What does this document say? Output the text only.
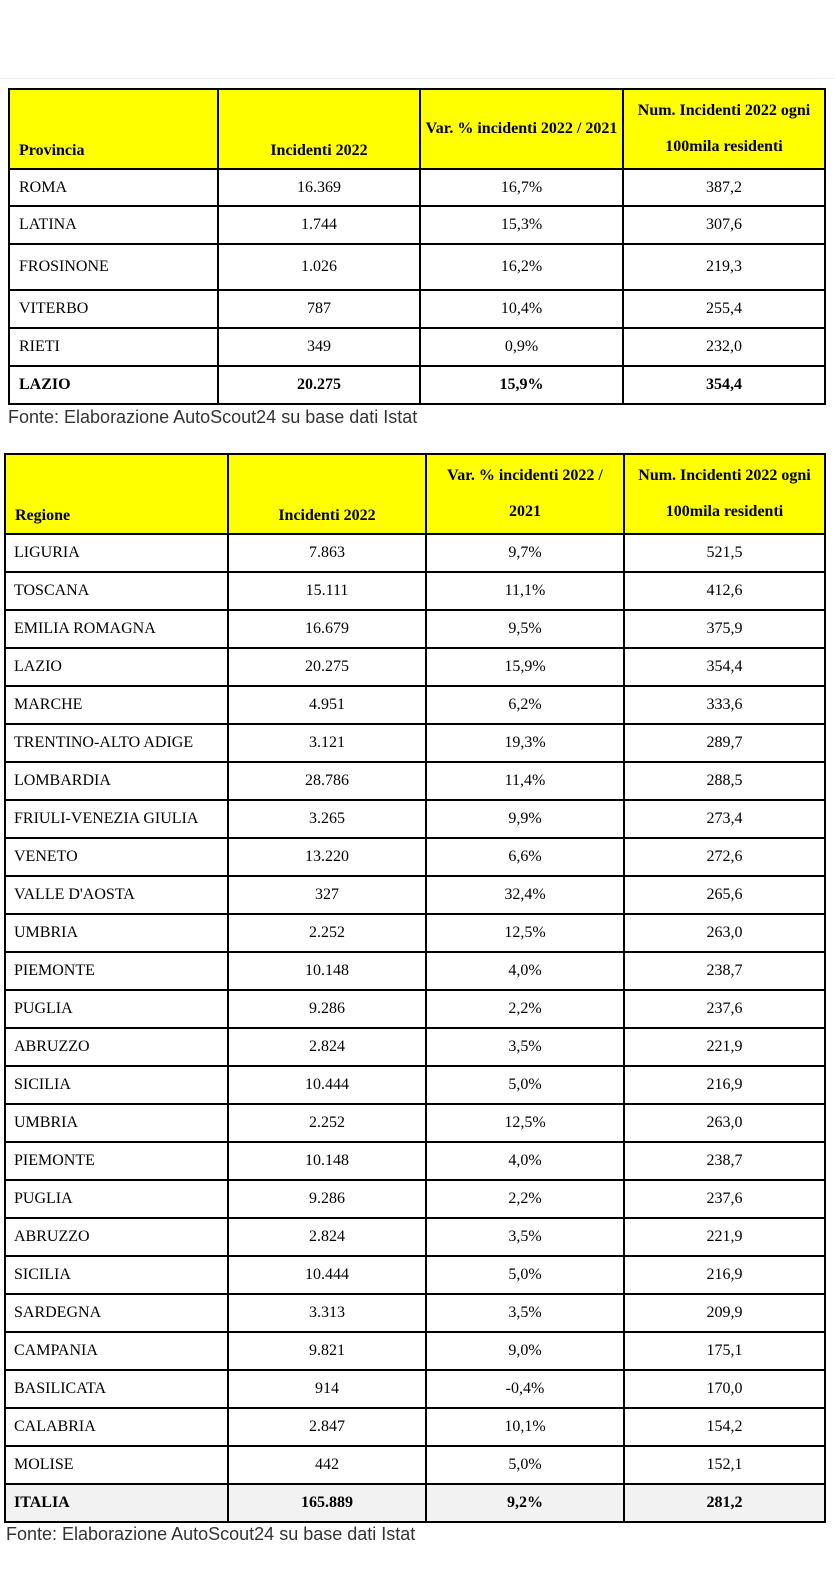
Provincia	Incidenti 2022	Var. % incidenti 2022 / 2021	Num. Incidenti 2022 ogni 100mila residenti
ROMA	16.369	16,7%	387,2
LATINA	1.744	15,3%	307,6
FROSINONE	1.026	16,2%	219,3
VITERBO	787	10,4%	255,4
RIETI	349	0,9%	232,0
LAZIO	20.275	15,9%	354,4
Fonte: Elaborazione AutoScout24 su base dati Istat
Regione	Incidenti 2022	Var. % incidenti 2022 / 2021	Num. Incidenti 2022 ogni 100mila residenti
LIGURIA	7.863	9,7%	521,5
TOSCANA	15.111	11,1%	412,6
EMILIA ROMAGNA	16.679	9,5%	375,9
LAZIO	20.275	15,9%	354,4
MARCHE	4.951	6,2%	333,6
TRENTINO-ALTO ADIGE	3.121	19,3%	289,7
LOMBARDIA	28.786	11,4%	288,5
FRIULI-VENEZIA GIULIA	3.265	9,9%	273,4
VENETO	13.220	6,6%	272,6
VALLE D'AOSTA	327	32,4%	265,6
UMBRIA	2.252	12,5%	263,0
PIEMONTE	10.148	4,0%	238,7
PUGLIA	9.286	2,2%	237,6
ABRUZZO	2.824	3,5%	221,9
SICILIA	10.444	5,0%	216,9
UMBRIA	2.252	12,5%	263,0
PIEMONTE	10.148	4,0%	238,7
PUGLIA	9.286	2,2%	237,6
ABRUZZO	2.824	3,5%	221,9
SICILIA	10.444	5,0%	216,9
SARDEGNA	3.313	3,5%	209,9
CAMPANIA	9.821	9,0%	175,1
BASILICATA	914	-0,4%	170,0
CALABRIA	2.847	10,1%	154,2
MOLISE	442	5,0%	152,1
ITALIA	165.889	9,2%	281,2
Fonte: Elaborazione AutoScout24 su base dati Istat
